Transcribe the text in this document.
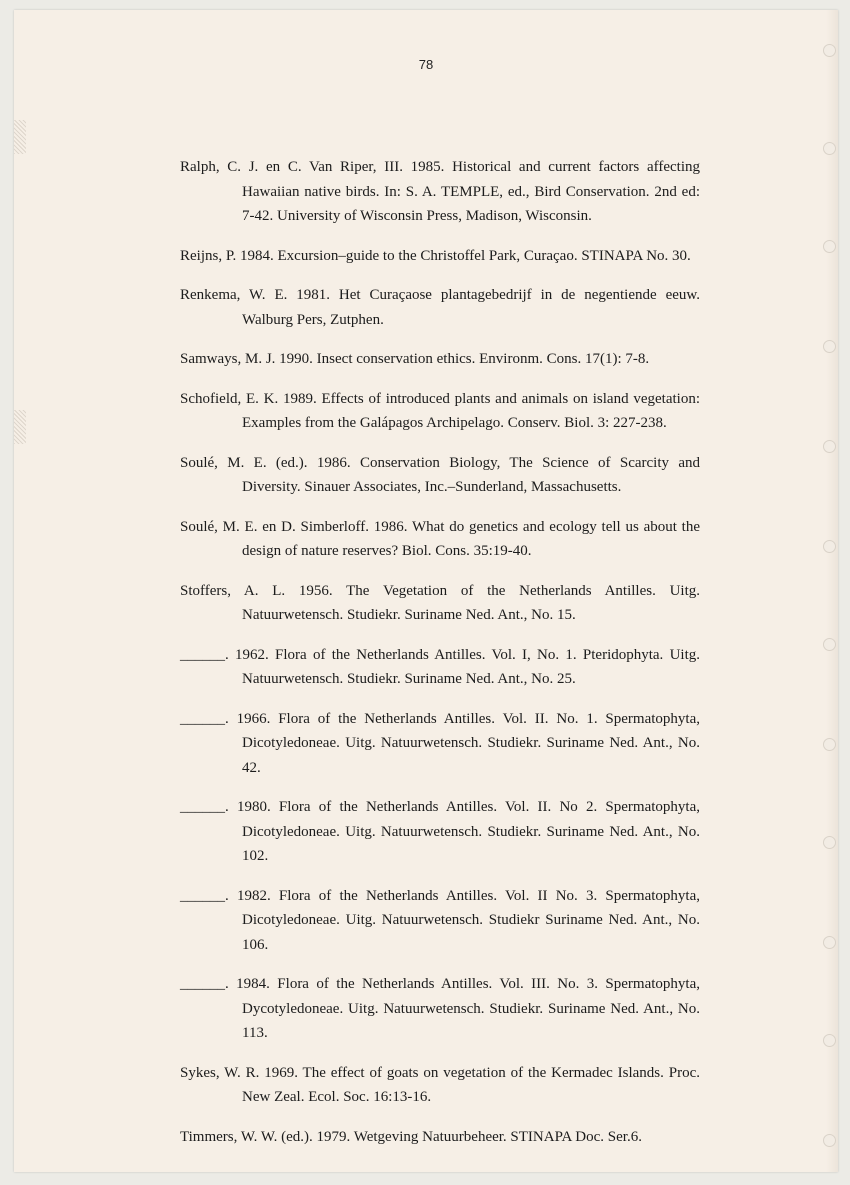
78

Ralph, C. J. en C. Van Riper, III. 1985. Historical and current factors affecting Hawaiian native birds. In: S. A. TEMPLE, ed., Bird Conservation. 2nd ed: 7-42. University of Wisconsin Press, Madison, Wisconsin.

Reijns, P. 1984. Excursion–guide to the Christoffel Park, Curaçao. STINAPA No. 30.

Renkema, W. E. 1981. Het Curaçaose plantagebedrijf in de negentiende eeuw. Walburg Pers, Zutphen.

Samways, M. J. 1990. Insect conservation ethics. Environm. Cons. 17(1): 7-8.

Schofield, E. K. 1989. Effects of introduced plants and animals on island vegetation: Examples from the Galápagos Archipelago. Conserv. Biol. 3: 227-238.

Soulé, M. E. (ed.). 1986. Conservation Biology, The Science of Scarcity and Diversity. Sinauer Associates, Inc.–Sunderland, Massachusetts.

Soulé, M. E. en D. Simberloff. 1986. What do genetics and ecology tell us about the design of nature reserves? Biol. Cons. 35:19-40.

Stoffers, A. L. 1956. The Vegetation of the Netherlands Antilles. Uitg. Natuurwetensch. Studiekr. Suriname Ned. Ant., No. 15.

______. 1962. Flora of the Netherlands Antilles. Vol. I, No. 1. Pteridophyta. Uitg. Natuurwetensch. Studiekr. Suriname Ned. Ant., No. 25.

______. 1966. Flora of the Netherlands Antilles. Vol. II. No. 1. Spermatophyta, Dicotyledoneae. Uitg. Natuurwetensch. Studiekr. Suriname Ned. Ant., No. 42.

______. 1980. Flora of the Netherlands Antilles. Vol. II. No 2. Spermatophyta, Dicotyledoneae. Uitg. Natuurwetensch. Studiekr. Suriname Ned. Ant., No. 102.

______. 1982. Flora of the Netherlands Antilles. Vol. II No. 3. Spermatophyta, Dicotyledoneae. Uitg. Natuurwetensch. Studiekr Suriname Ned. Ant., No. 106.

______. 1984. Flora of the Netherlands Antilles. Vol. III. No. 3. Spermatophyta, Dycotyledoneae. Uitg. Natuurwetensch. Studiekr. Suriname Ned. Ant., No. 113.

Sykes, W. R. 1969. The effect of goats on vegetation of the Kermadec Islands. Proc. New Zeal. Ecol. Soc. 16:13-16.

Timmers, W. W. (ed.). 1979. Wetgeving Natuurbeheer. STINAPA Doc. Ser.6.
